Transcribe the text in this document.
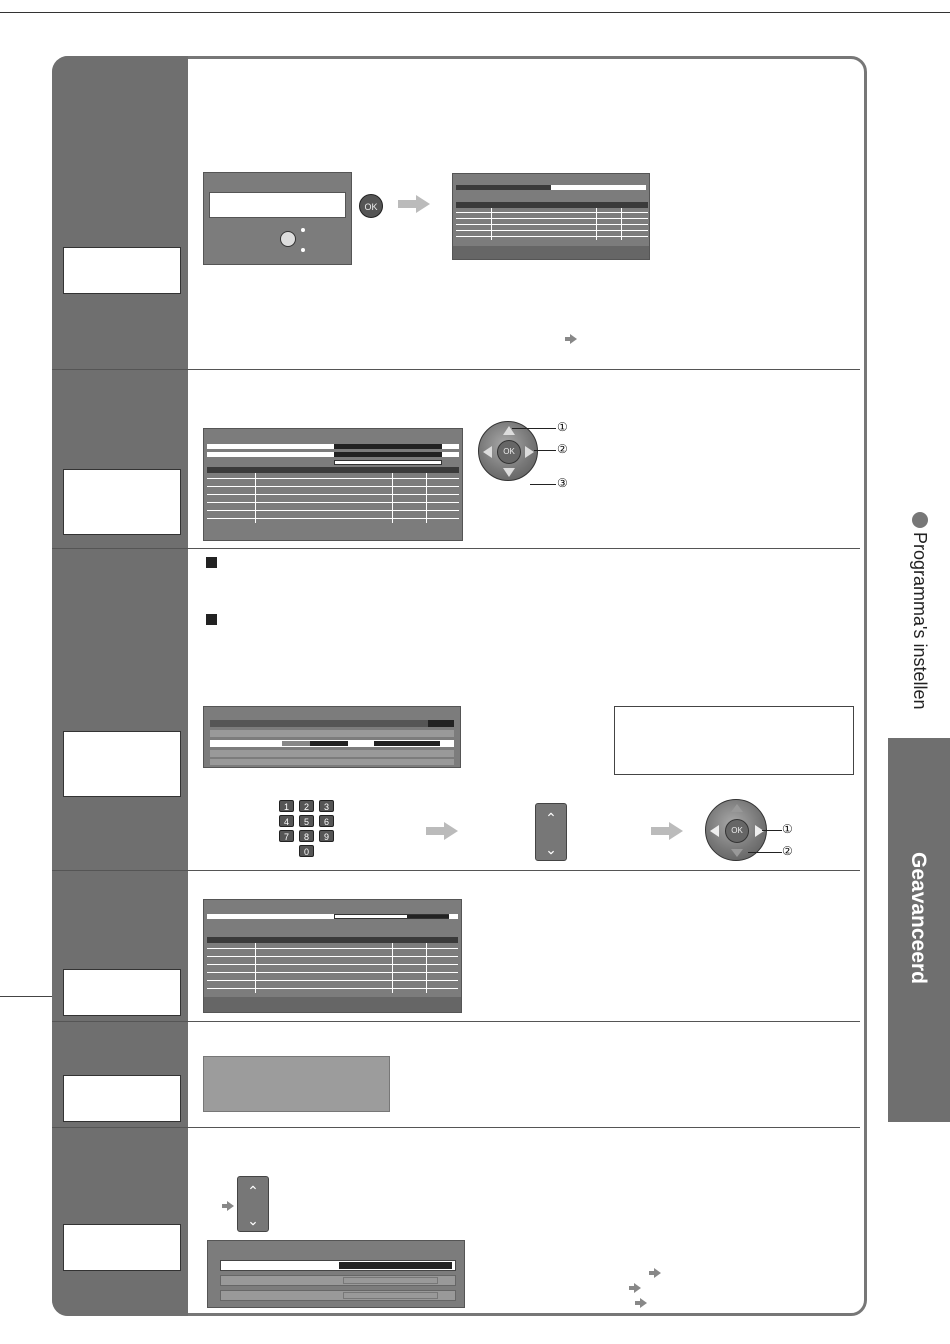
OK
OK
①
②
③
1	2	3
4	5	6
7	8	9
0
⌃
⌃
OK	①
②
⌃
⌃
Programma's instellen
Geavanceerd
